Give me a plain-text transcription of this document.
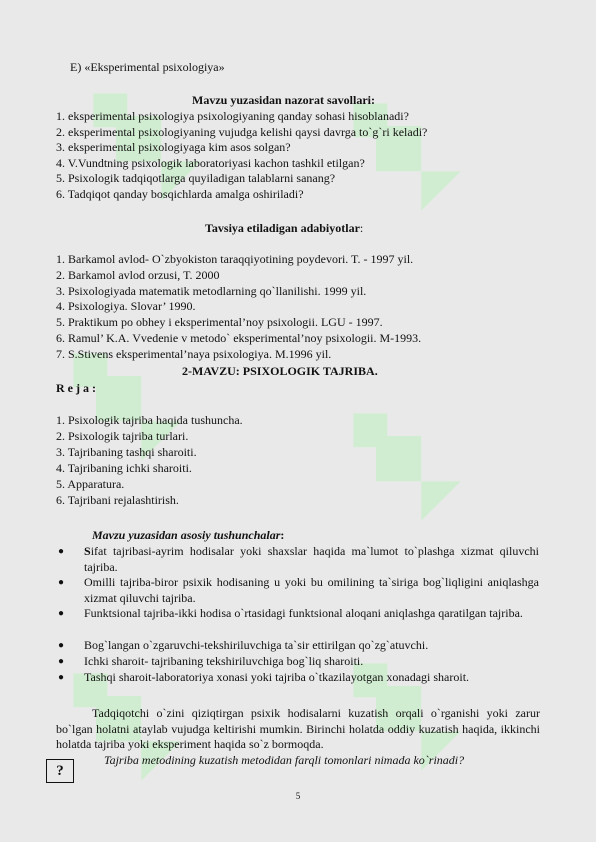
E) «Eksperimental psixologiya»
Mavzu yuzasidan nazorat savollari:
1. eksperimental psixologiya psixologiyaning qanday sohasi hisoblanadi?
2. eksperimental psixologiyaning vujudga kelishi qaysi davrga to`g`ri keladi?
3. eksperimental psixologiyaga kim asos solgan?
4. V.Vundtning psixologik laboratoriyasi kachon tashkil etilgan?
5. Psixologik tadqiqotlarga quyiladigan talablarni sanang?
6. Tadqiqot qanday bosqichlarda amalga oshiriladi?
Tavsiya etiladigan adabiyotlar:
1. Barkamol avlod- O`zbyokiston taraqqiyotining poydevori. T. - 1997 yil.
2. Barkamol avlod orzusi, T. 2000
3. Psixologiyada matematik metodlarning qo`llanilishi. 1999 yil.
4. Psixologiya. Slovar’ 1990.
5. Praktikum po obhey i eksperimental’noy psixologii. LGU - 1997.
6. Ramul’ K.A. Vvedenie v metodo` eksperimental’noy psixologii. M-1993.
7. S.Stivens eksperimental’naya psixologiya. M.1996 yil.
2-MAVZU: PSIXOLOGIK TAJRIBA.
R e j a :
1. Psixologik tajriba haqida tushuncha.
2. Psixologik tajriba turlari.
3. Tajribaning tashqi sharoiti.
4. Tajribaning ichki sharoiti.
5. Apparatura.
6. Tajribani rejalashtirish.
Mavzu yuzasidan asosiy tushunchalar:
● Sifat tajribasi-ayrim hodisalar yoki shaxslar haqida ma`lumot to`plashga xizmat qiluvchi tajriba.
● Omilli tajriba-biror psixik hodisaning u yoki bu omilining ta`siriga bog`liqligini aniqlashga xizmat qiluvchi tajriba.
● Funktsional tajriba-ikki hodisa o`rtasidagi funktsional aloqani aniqlashga qaratilgan tajriba.
● Bog`langan o`zgaruvchi-tekshiriluvchiga ta`sir ettirilgan qo`zg`atuvchi.
● Ichki sharoit- tajribaning tekshiriluvchiga bog`liq sharoiti.
● Tashqi sharoit-laboratoriya xonasi yoki tajriba o`tkazilayotgan xonadagi sharoit.
Tadqiqotchi o`zini qiziqtirgan psixik hodisalarni kuzatish orqali o`rganishi yoki zarur bo`lgan holatni ataylab vujudga keltirishi mumkin. Birinchi holatda oddiy kuzatish haqida, ikkinchi holatda tajriba yoki eksperiment haqida so`z bormoqda.
?
Tajriba metodining kuzatish metodidan farqli tomonlari nimada ko`rinadi?
5
